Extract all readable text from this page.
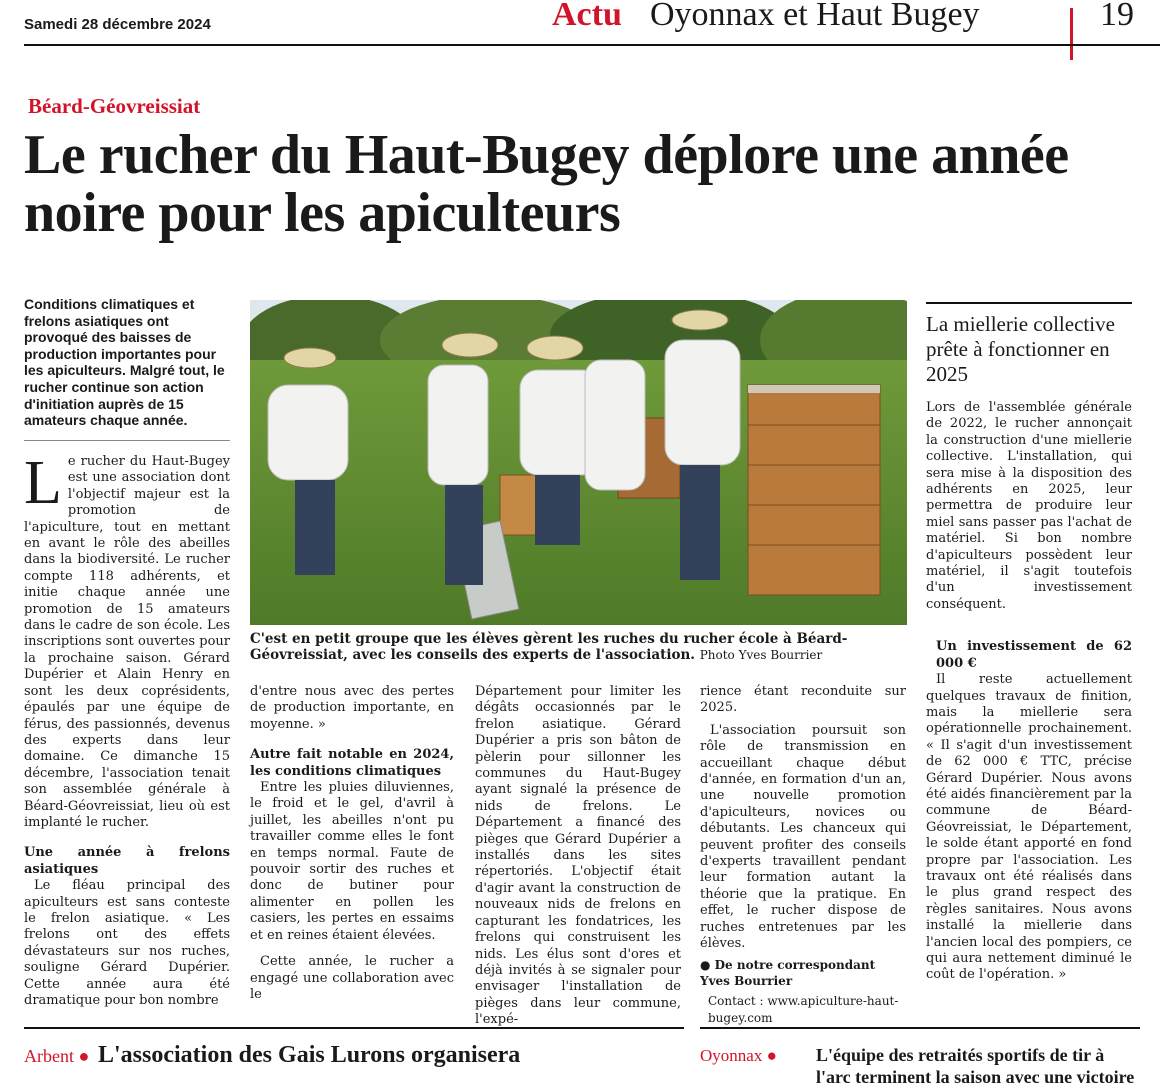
Samedi 28 décembre 2024	Actu Oyonnax et Haut Bugey	19
Béard-Géovreissiat
Le rucher du Haut-Bugey déplore une année noire pour les apiculteurs
Conditions climatiques et frelons asiatiques ont provoqué des baisses de production importantes pour les apiculteurs. Malgré tout, le rucher continue son action d'initiation auprès de 15 amateurs chaque année.
C'est en petit groupe que les élèves gèrent les ruches du rucher école à Béard-Géovreissiat, avec les conseils des experts de l'association. Photo Yves Bourrier

Le rucher du Haut-Bugey est une association dont l'objectif majeur est la promotion de l'apiculture, tout en mettant en avant le rôle des abeilles dans la biodiversité. Le rucher compte 118 adhérents, et initie chaque année une promotion de 15 amateurs dans le cadre de son école. Les inscriptions sont ouvertes pour la prochaine saison. Gérard Dupérier et Alain Henry en sont les deux coprésidents, épaulés par une équipe de férus, des passionnés, devenus des experts dans leur domaine. Ce dimanche 15 décembre, l'association tenait son assemblée générale à Béard-Géovreissiat, lieu où est implanté le rucher.

Une année à frelons asiatiques

Le fléau principal des apiculteurs est sans conteste le frelon asiatique. « Les frelons ont des effets dévastateurs sur nos ruches, souligne Gérard Dupérier. Cette année aura été dramatique pour bon nombre

d'entre nous avec des pertes de production importante, en moyenne. »

Autre fait notable en 2024, les conditions climatiques

Entre les pluies diluviennes, le froid et le gel, d'avril à juillet, les abeilles n'ont pu travailler comme elles le font en temps normal. Faute de pouvoir sortir des ruches et donc de butiner pour alimenter en pollen les casiers, les pertes en essaims et en reines étaient élevées.

Cette année, le rucher a engagé une collaboration avec le

Département pour limiter les dégâts occasionnés par le frelon asiatique. Gérard Dupérier a pris son bâton de pèlerin pour sillonner les communes du Haut-Bugey ayant signalé la présence de nids de frelons. Le Département a financé des pièges que Gérard Dupérier a installés dans les sites répertoriés. L'objectif était d'agir avant la construction de nouveaux nids de frelons en capturant les fondatrices, les frelons qui construisent les nids. Les élus sont d'ores et déjà invités à se signaler pour envisager l'installation de pièges dans leur commune, l'expé-

rience étant reconduite sur 2025.

L'association poursuit son rôle de transmission en accueillant chaque début d'année, en formation d'un an, une nouvelle promotion d'apiculteurs, novices ou débutants. Les chanceux qui peuvent profiter des conseils d'experts travaillent pendant leur formation autant la théorie que la pratique. En effet, le rucher dispose de ruches entretenues par les élèves.

● De notre correspondant

Yves Bourrier

Contact : www.apiculture-haut-bugey.com

La miellerie collective prête à fonctionner en 2025

Lors de l'assemblée générale de 2022, le rucher annonçait la construction d'une miellerie collective. L'installation, qui sera mise à la disposition des adhérents en 2025, leur permettra de produire leur miel sans passer pas l'achat de matériel. Si bon nombre d'apiculteurs possèdent leur matériel, il s'agit toutefois d'un investissement conséquent.

Un investissement de 62 000 €

Il reste actuellement quelques travaux de finition, mais la miellerie sera opérationnelle prochainement. « Il s'agit d'un investissement de 62 000 € TTC, précise Gérard Dupérier. Nous avons été aidés financièrement par la commune de Béard-Géovreissiat, le Département, le solde étant apporté en fond propre par l'association. Les travaux ont été réalisés dans le plus grand respect des règles sanitaires. Nous avons installé la miellerie dans l'ancien local des pompiers, ce qui aura nettement diminué le coût de l'opération. »

Arbent ● L'association des Gais Lurons organisera	Oyonnax ● L'équipe des retraités sportifs de tir à l'arc terminent la saison avec une victoire
